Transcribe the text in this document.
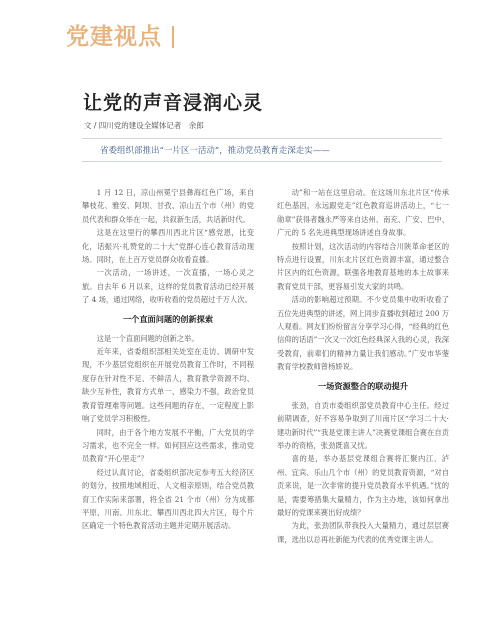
党建视点
让党的声音浸润心灵
文 / 四川党的建设全媒体记者　余郎
省委组织部推出“一片区一活动”，推动党员教育走深走实——

1 月 12 日，凉山州冕宁县彝海红色广场，来自攀枝花、雅安、阿坝、甘孜、凉山五个市（州）的党员代表和群众举在一起，共叙新生活，共话新时代。

这是在这里行的攀西川西北片区“感党恩，比变化，话振兴·礼赞党的二十大”党群心连心教育活动现场。同时，在上百万党员群众收看直播。

一次活动，一场讲述，一次直播，一场心灵之旅。自去年 6 月以来，这样的党员教育活动已经开展了 4 场，通过网络，收听收看的党员超过千万人次。

一个直面问题的创新探索

这是一个直面问题的创新之举。

近年来，省委组织部相关处室在走访、调研中发现，不少基层党组织在开展党员教育工作时，不同程度存在针对性不足、不鲜活人，教育教学资源不均、缺少互补性，教育方式单一、感染力不强，政治党员教育管理难等问题。这些问题的存在，一定程度上影响了党员学习积极性。

同时，由于各个地方发展不平衡，广大党员的学习需求，也不完全一样。如何回应这些需求，推动党员教育“开心里走”？

经过认真讨论，省委组织部决定参考五大经济区的划分，按照地域相近、人文相亲原则，结合党员教育工作实际来部署，将全省 21 个市（州）分为成都平原、川南、川东北、攀西川西北四大片区，每个片区确定一个特色教育活动主题并定期开展活动。

动”和一站在这里启动。在这场川东北片区“传承红色基因，永远跟党走”红色教育巡讲活动上，“七一勋章”获得者魏永严等来自达州、南充、广安、巴中、广元的 5 名先进典型现场讲述自身故事。

按照计划，这次活动的内容结合川陕革命老区的特点进行设置，川东北片区红色资源丰富，通过整合片区内的红色资源，联强各地教育基地的本土故事来教育党员干部，更容易引发大家的共鸣。

活动的影响超过预期。不少党员集中收听收看了五位先进典型的讲述，网上同步直播收到超过 200 万人观看。网友们纷纷留言分享学习心得，“经典的红色信仰的话语”一次又一次红色经典深入我的心灵，我深受教育，前辈们的精神力量让我们感动。”广安市华蓥教育学校教师曾杨娇说。

一场资源整合的联动提升

张劲，自贡市委组织部党员教育中心主任。经过前期调查，好不容易争取到了川南片区“学习二十大·建功新时代”“我是党课主讲人”决赛党课组合赛在自贡举办的资格，张劲既喜又忧。

喜的是，举办基层党课组合赛将汇聚内江、泸州、宜宾、乐山几个市（州）的党员教育资源，“对自贡来说，是一次非常的提升党员教育水平机遇。”忧的是，需要筹措集大量精力，作为主办地，该如何拿出最好的党课来赛出好成绩？

为此，张劲团队带我投入大量精力，通过层层赛课，选出以总再社新能为代表的优秀党课主讲人。
